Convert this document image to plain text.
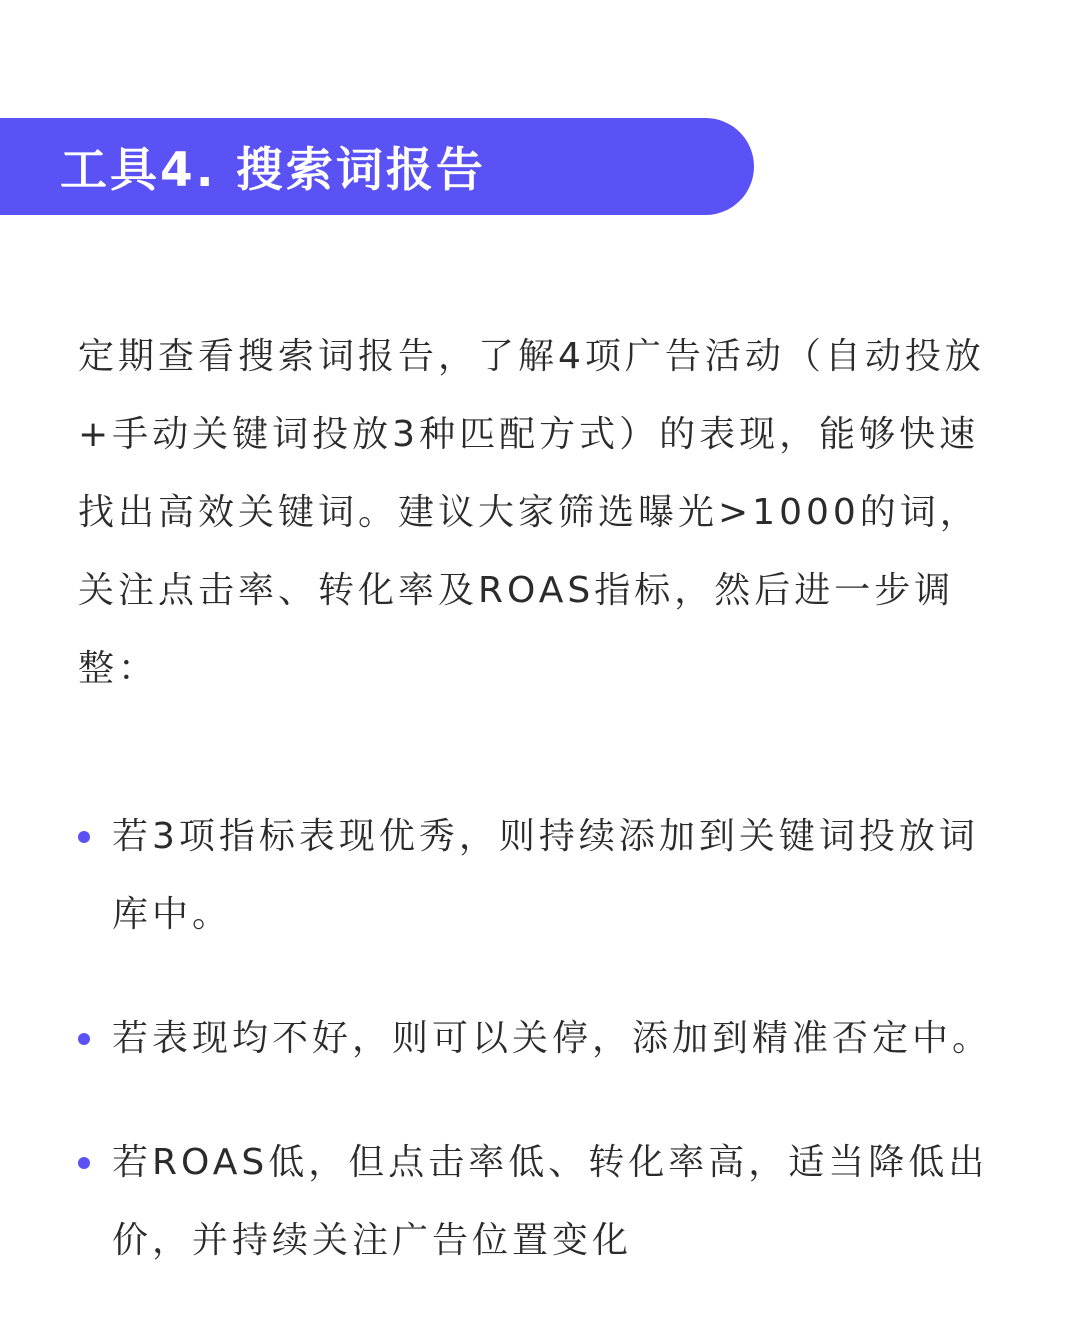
工具4. 搜索词报告

定期查看搜索词报告，了解4项广告活动（自动投放+手动关键词投放3种匹配方式）的表现，能够快速找出高效关键词。建议大家筛选曝光>1000的词，关注点击率、转化率及ROAS指标，然后进一步调整：

若3项指标表现优秀，则持续添加到关键词投放词库中。
若表现均不好，则可以关停，添加到精准否定中。
若ROAS低，但点击率低、转化率高，适当降低出价，并持续关注广告位置变化
